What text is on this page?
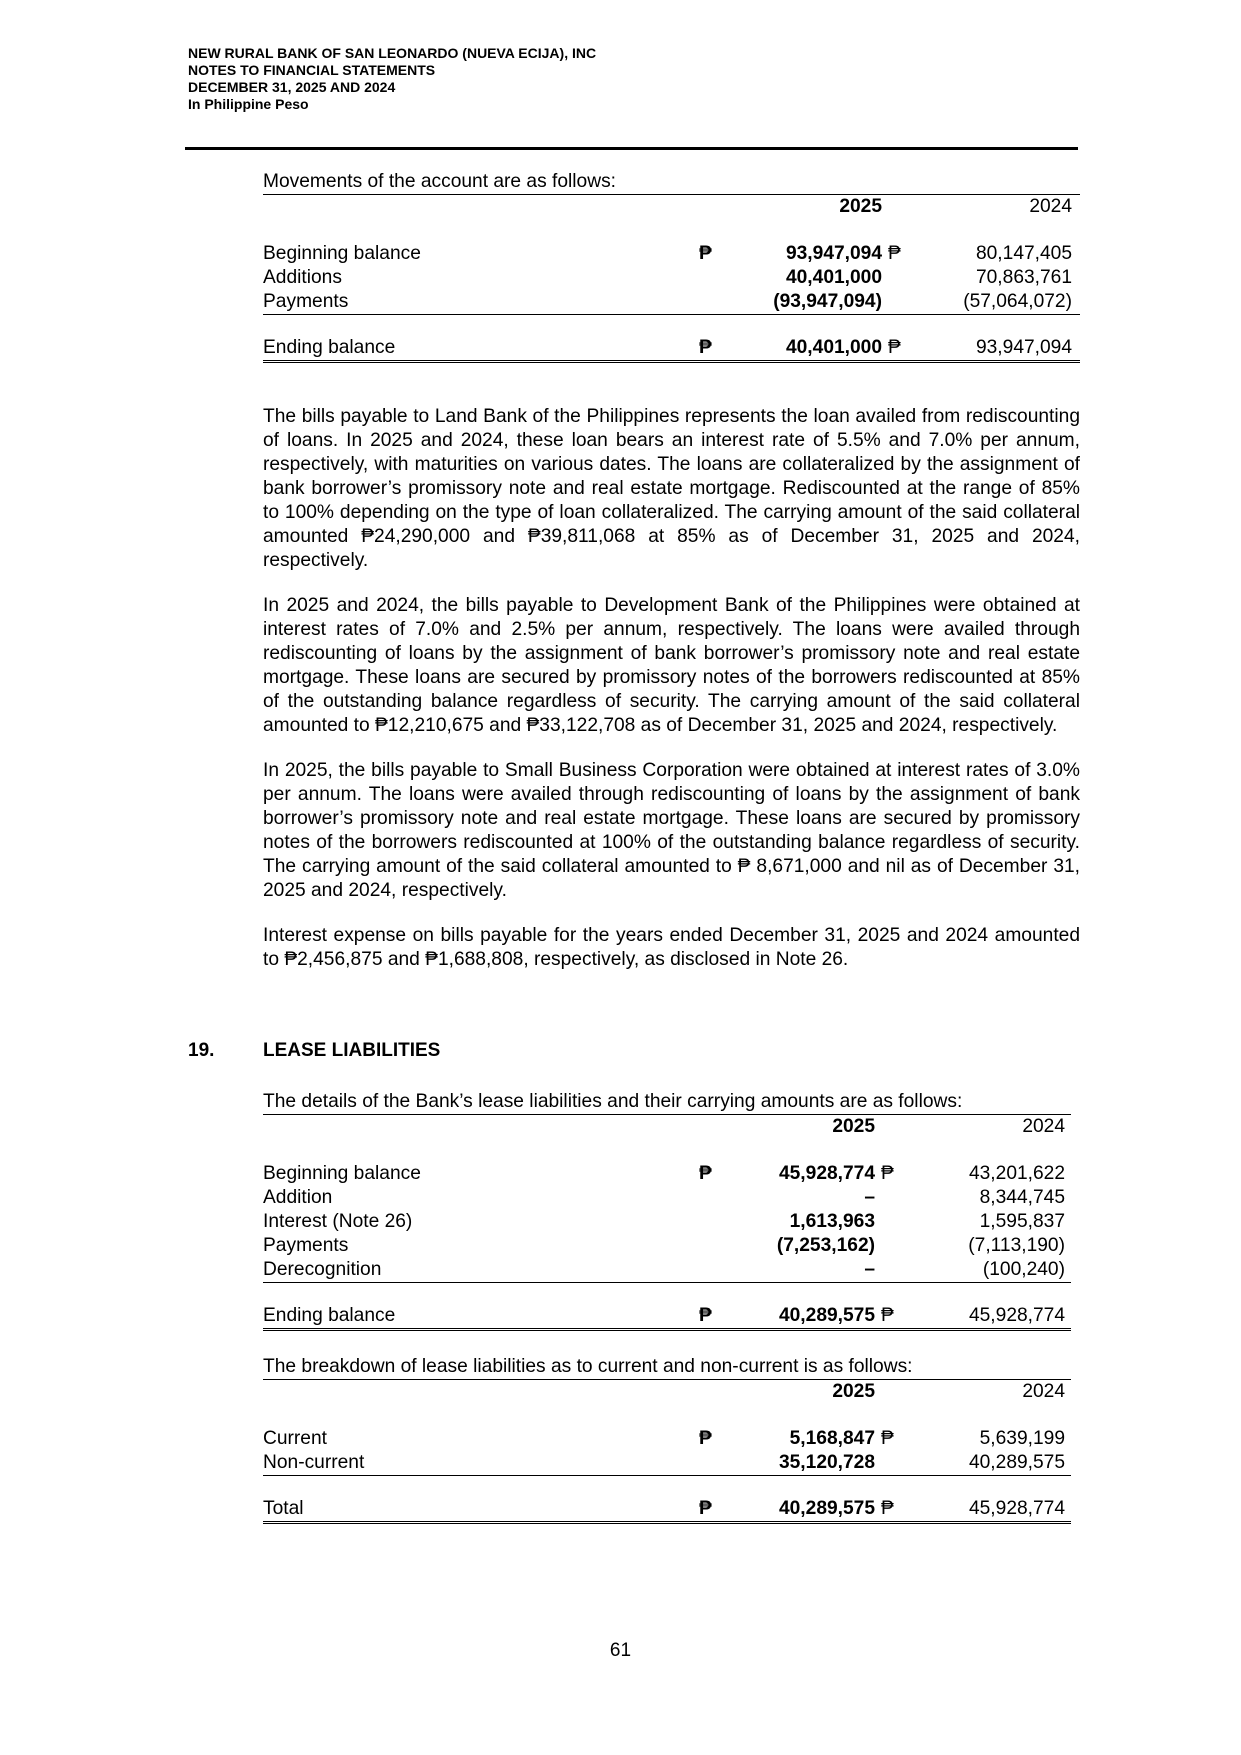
NEW RURAL BANK OF SAN LEONARDO (NUEVA ECIJA), INC
NOTES TO FINANCIAL STATEMENTS
DECEMBER 31, 2025 AND 2024
In Philippine Peso
Movements of the account are as follows:
2025	2024
Beginning balance	₱	93,947,094 ₱	80,147,405
Additions	40,401,000	70,863,761
Payments	(93,947,094)	(57,064,072)
Ending balance	₱	40,401,000 ₱	93,947,094
The bills payable to Land Bank of the Philippines represents the loan availed from rediscounting of loans. In 2025 and 2024, these loan bears an interest rate of 5.5% and 7.0% per annum, respectively, with maturities on various dates. The loans are collateralized by the assignment of bank borrower’s promissory note and real estate mortgage. Rediscounted at the range of 85% to 100% depending on the type of loan collateralized. The carrying amount of the said collateral amounted ₱24,290,000 and ₱39,811,068 at 85% as of December 31, 2025 and 2024, respectively.
In 2025 and 2024, the bills payable to Development Bank of the Philippines were obtained at interest rates of 7.0% and 2.5% per annum, respectively. The loans were availed through rediscounting of loans by the assignment of bank borrower’s promissory note and real estate mortgage. These loans are secured by promissory notes of the borrowers rediscounted at 85% of the outstanding balance regardless of security. The carrying amount of the said collateral amounted to ₱12,210,675 and ₱33,122,708 as of December 31, 2025 and 2024, respectively.
In 2025, the bills payable to Small Business Corporation were obtained at interest rates of 3.0% per annum. The loans were availed through rediscounting of loans by the assignment of bank borrower’s promissory note and real estate mortgage. These loans are secured by promissory notes of the borrowers rediscounted at 100% of the outstanding balance regardless of security. The carrying amount of the said collateral amounted to ₱ 8,671,000 and nil as of December 31, 2025 and 2024, respectively.
Interest expense on bills payable for the years ended December 31, 2025 and 2024 amounted to ₱2,456,875 and ₱1,688,808, respectively, as disclosed in Note 26.
19.	LEASE LIABILITIES
The details of the Bank’s lease liabilities and their carrying amounts are as follows:
2025	2024
Beginning balance	₱	45,928,774 ₱	43,201,622
Addition	–	8,344,745
Interest (Note 26)	1,613,963	1,595,837
Payments	(7,253,162)	(7,113,190)
Derecognition	–	(100,240)
Ending balance	₱	40,289,575 ₱	45,928,774
The breakdown of lease liabilities as to current and non-current is as follows:
2025	2024
Current	₱	5,168,847 ₱	5,639,199
Non-current	35,120,728	40,289,575
Total	₱	40,289,575 ₱	45,928,774
61
